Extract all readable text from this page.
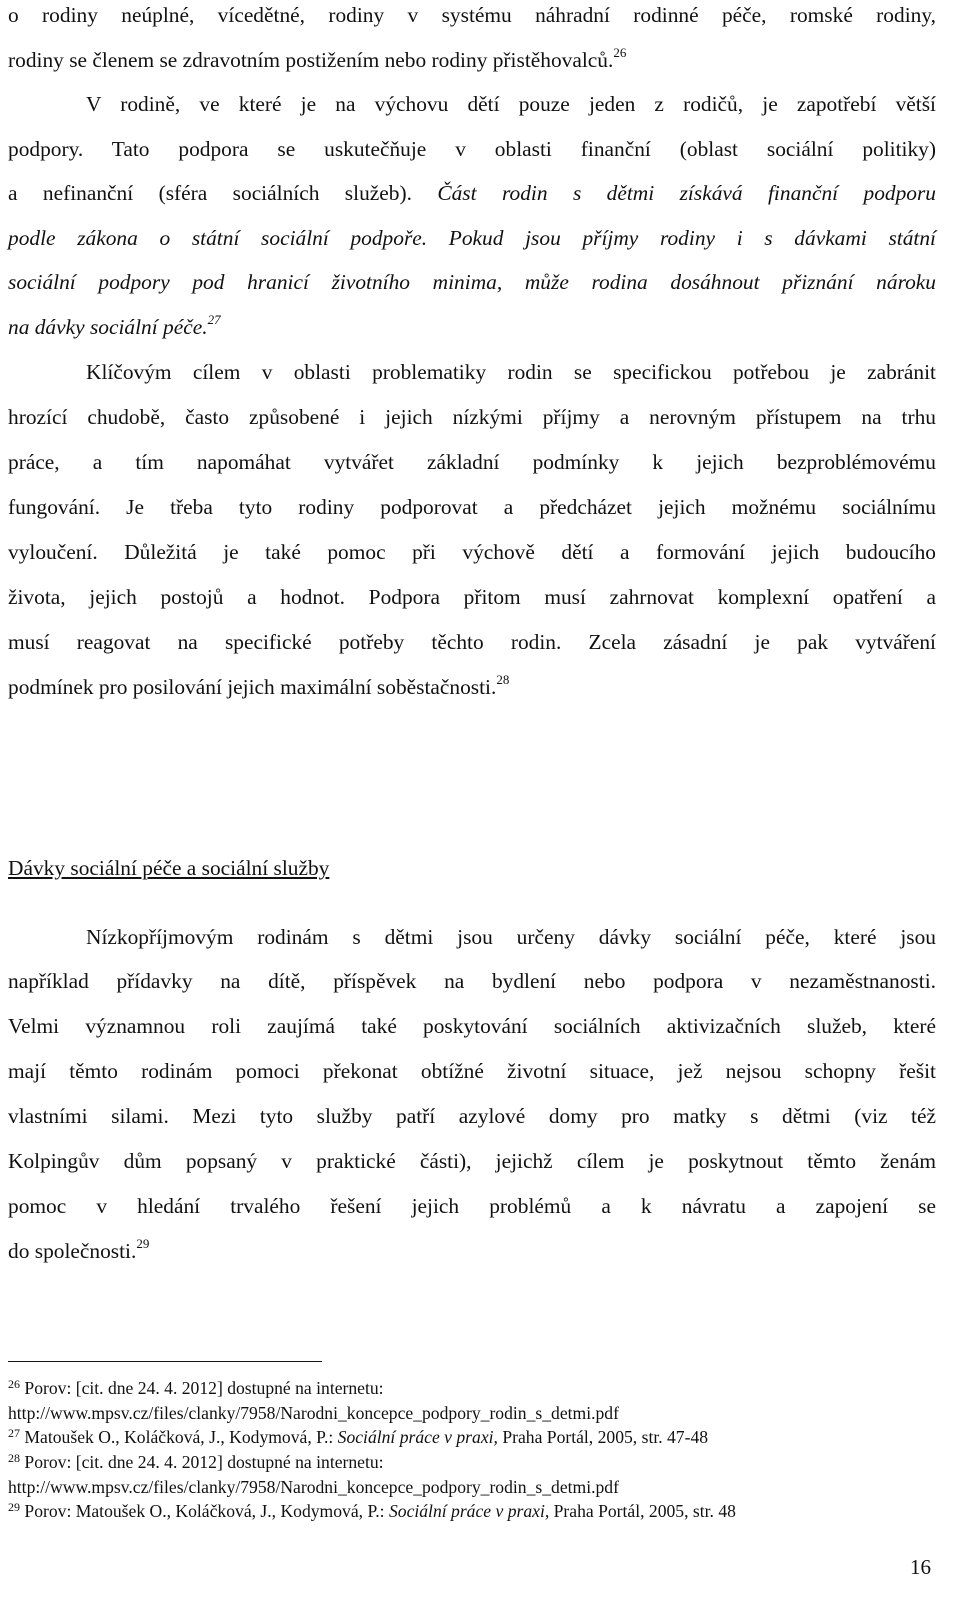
o rodiny neúplné, vícedětné, rodiny v systému náhradní rodinné péče, romské rodiny,
rodiny se členem se zdravotním postižením nebo rodiny přistěhovalců.$^{26}$
V rodině, ve které je na výchovu dětí pouze jeden z rodičů, je zapotřebí větší
podpory. Tato podpora se uskutečňuje v oblasti finanční (oblast sociální politiky)
a nefinanční (sféra sociálních služeb). Část rodin s dětmi získává finanční podporu
podle zákona o státní sociální podpoře. Pokud jsou příjmy rodiny i s dávkami státní
sociální podpory pod hranicí životního minima, může rodina dosáhnout přiznání nároku
na dávky sociální péče.$^{27}$
Klíčovým cílem v oblasti problematiky rodin se specifickou potřebou je zabránit
hrozící chudobě, často způsobené i jejich nízkými příjmy a nerovným přístupem na trhu
práce, a tím napomáhat vytvářet základní podmínky k jejich bezproblémovému
fungování. Je třeba tyto rodiny podporovat a předcházet jejich možnému sociálnímu
vyloučení. Důležitá je také pomoc při výchově dětí a formování jejich budoucího
života, jejich postojů a hodnot. Podpora přitom musí zahrnovat komplexní opatření a
musí reagovat na specifické potřeby těchto rodin. Zcela zásadní je pak vytváření
podmínek pro posilování jejich maximální soběstačnosti.$^{28}$
Dávky sociální péče a sociální služby
Nízkopříjmovým rodinám s dětmi jsou určeny dávky sociální péče, které jsou
například přídavky na dítě, příspěvek na bydlení nebo podpora v nezaměstnanosti.
Velmi významnou roli zaujímá také poskytování sociálních aktivizačních služeb, které
mají těmto rodinám pomoci překonat obtížné životní situace, jež nejsou schopny řešit
vlastními silami. Mezi tyto služby patří azylové domy pro matky s dětmi (viz též
Kolpingův dům popsaný v praktické části), jejichž cílem je poskytnout těmto ženám
pomoc v hledání trvalého řešení jejich problémů a k návratu a zapojení se
do společnosti.$^{29}$
$^{26}$ Porov: [cit. dne 24. 4. 2012] dostupné na internetu:
http://www.mpsv.cz/files/clanky/7958/Narodni_koncepce_podpory_rodin_s_detmi.pdf
$^{27}$ Matoušek O., Koláčková, J., Kodymová, P.: Sociální práce v praxi, Praha Portál, 2005, str. 47-48
$^{28}$ Porov: [cit. dne 24. 4. 2012] dostupné na internetu:
http://www.mpsv.cz/files/clanky/7958/Narodni_koncepce_podpory_rodin_s_detmi.pdf
$^{29}$ Porov: Matoušek O., Koláčková, J., Kodymová, P.: Sociální práce v praxi, Praha Portál, 2005, str. 48
16
